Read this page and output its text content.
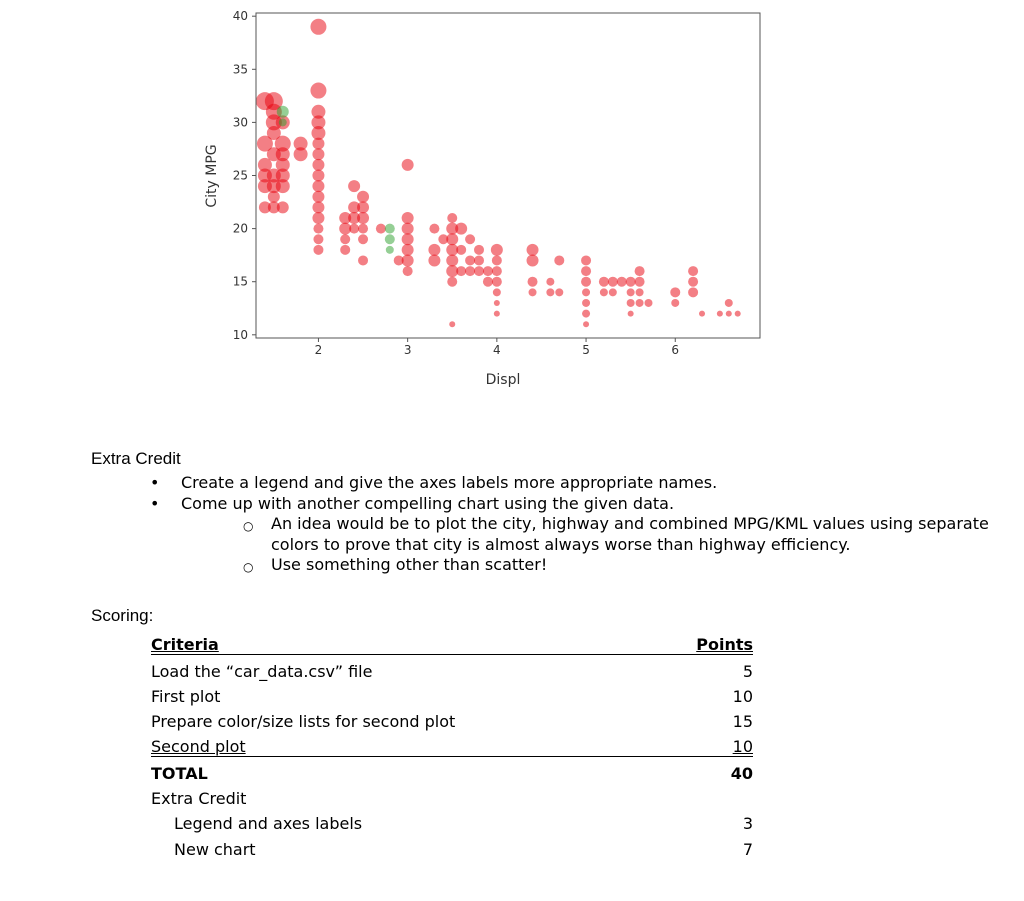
2	3	4	5	6
10
15
20
25
30
35
40
Displ
City MPG
Extra Credit
• Create a legend and give the axes labels more appropriate names.
• Come up with another compelling chart using the given data.
○ An idea would be to plot the city, highway and combined MPG/KML values using separate colors to prove that city is almost always worse than highway efficiency.
○ Use something other than scatter!
Scoring:
Criteria	Points
Load the “car_data.csv” file	5
First plot	10
Prepare color/size lists for second plot	15
Second plot	10
TOTAL	40
Extra Credit	
Legend and axes labels	3
New chart	7
